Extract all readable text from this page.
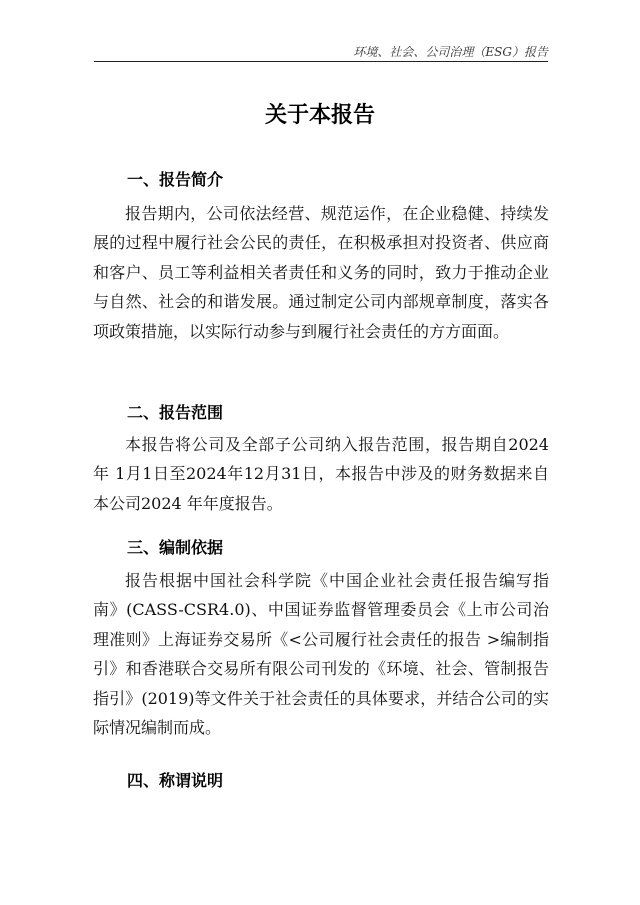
环境、社会、公司治理（ESG）报告
关于本报告
一、报告简介

报告期内，公司依法经营、规范运作，在企业稳健、持续发展的过程中履行社会公民的责任，在积极承担对投资者、供应商和客户、员工等利益相关者责任和义务的同时，致力于推动企业与自然、社会的和谐发展。通过制定公司内部规章制度，落实各项政策措施，以实际行动参与到履行社会责任的方方面面。

二、报告范围

本报告将公司及全部子公司纳入报告范围，报告期自2024年 1月1日至2024年12月31日，本报告中涉及的财务数据来自本公司2024 年年度报告。

三、编制依据

报告根据中国社会科学院《中国企业社会责任报告编写指南》(CASS-CSR4.0)、中国证券监督管理委员会《上市公司治理准则》上海证券交易所《<公司履行社会责任的报告 >编制指引》和香港联合交易所有限公司刊发的《环境、社会、管制报告指引》(2019)等文件关于社会责任的具体要求，并结合公司的实际情况编制而成。

四、称谓说明
